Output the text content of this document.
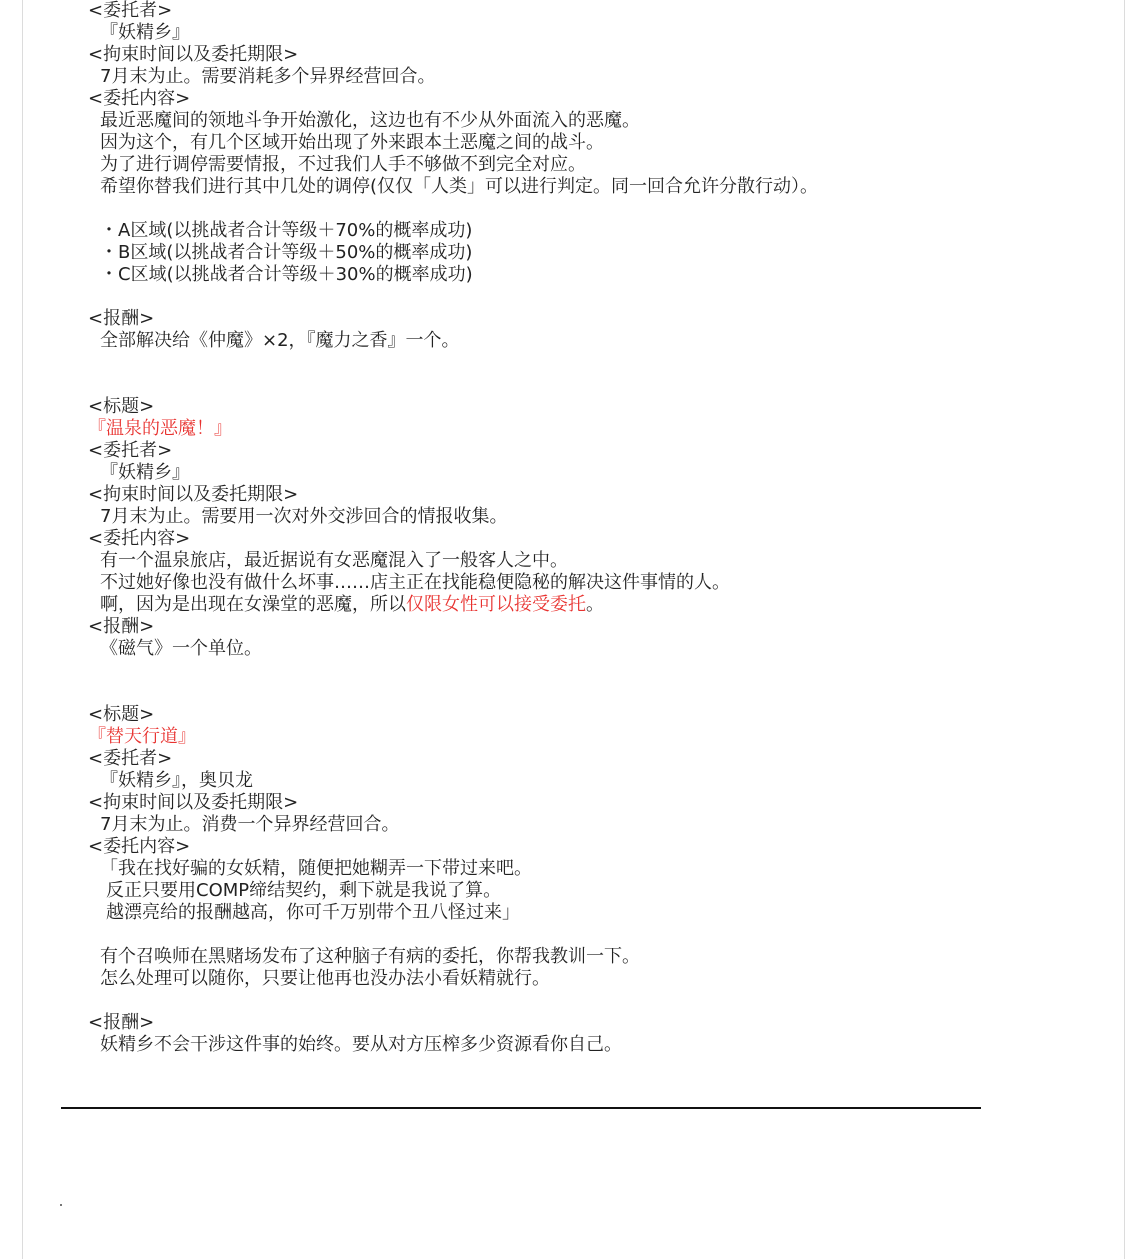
<委托者>
『妖精乡』
<拘束时间以及委托期限>
7月末为止。需要消耗多个异界经营回合。
<委托内容>
最近恶魔间的领地斗争开始激化，这边也有不少从外面流入的恶魔。
因为这个，有几个区域开始出现了外来跟本土恶魔之间的战斗。
为了进行调停需要情报，不过我们人手不够做不到完全对应。
希望你替我们进行其中几处的调停(仅仅「人类」可以进行判定。同一回合允许分散行动）。
・A区域(以挑战者合计等级＋70%的概率成功)
・B区域(以挑战者合计等级＋50%的概率成功)
・C区域(以挑战者合计等级＋30%的概率成功)
<报酬>
全部解决给《仲魔》×2，『魔力之香』一个。
<标题>
『温泉的恶魔！』
<委托者>
『妖精乡』
<拘束时间以及委托期限>
7月末为止。需要用一次对外交涉回合的情报收集。
<委托内容>
有一个温泉旅店，最近据说有女恶魔混入了一般客人之中。
不过她好像也没有做什么坏事……店主正在找能稳便隐秘的解决这件事情的人。
啊，因为是出现在女澡堂的恶魔，所以仅限女性可以接受委托。
<报酬>
《磁气》一个单位。
<标题>
『替天行道』
<委托者>
『妖精乡』，奥贝龙
<拘束时间以及委托期限>
7月末为止。消费一个异界经营回合。
<委托内容>
「我在找好骗的女妖精，随便把她糊弄一下带过来吧。
反正只要用COMP缔结契约，剩下就是我说了算。
越漂亮给的报酬越高，你可千万别带个丑八怪过来」
有个召唤师在黑赌场发布了这种脑子有病的委托，你帮我教训一下。
怎么处理可以随你，只要让他再也没办法小看妖精就行。
<报酬>
妖精乡不会干涉这件事的始终。要从对方压榨多少资源看你自己。
